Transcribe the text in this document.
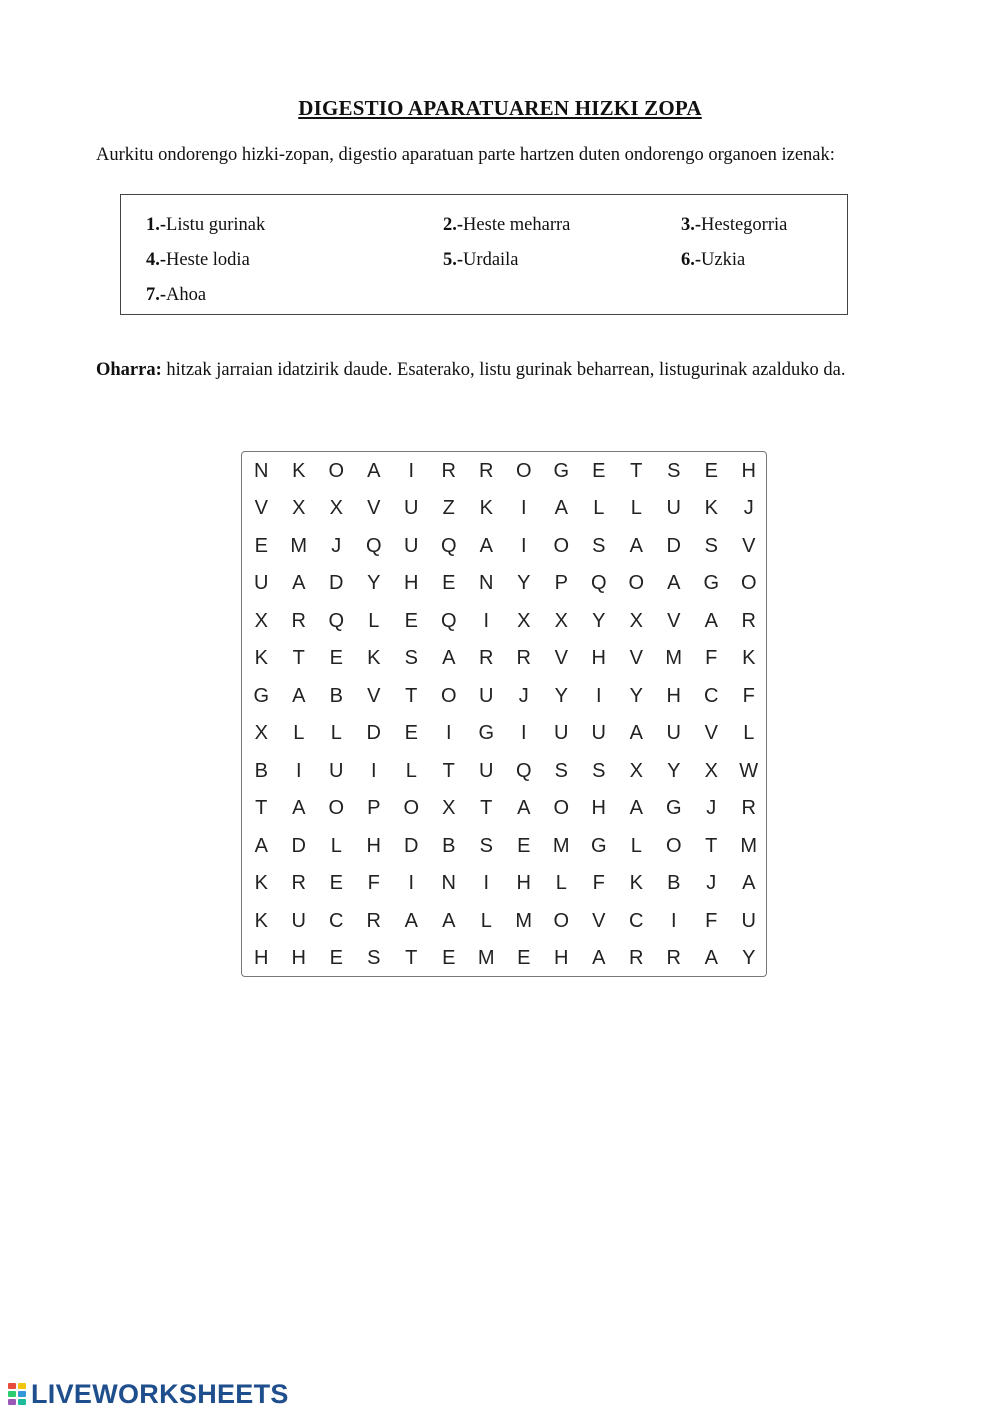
DIGESTIO APARATUAREN HIZKI ZOPA
Aurkitu ondorengo hizki-zopan, digestio aparatuan parte hartzen duten ondorengo organoen izenak:
1.-Listu gurinak	2.-Heste meharra	3.-Hestegorria
4.-Heste lodia	5.-Urdaila	6.-Uzkia
7.-Ahoa
Oharra: hitzak jarraian idatzirik daude. Esaterako, listu gurinak beharrean, listugurinak azalduko da.
N	K	O	A	I	R	R	O	G	E	T	S	E	H
V	X	X	V	U	Z	K	I	A	L	L	U	K	J
E	M	J	Q	U	Q	A	I	O	S	A	D	S	V
U	A	D	Y	H	E	N	Y	P	Q	O	A	G	O
X	R	Q	L	E	Q	I	X	X	Y	X	V	A	R
K	T	E	K	S	A	R	R	V	H	V	M	F	K
G	A	B	V	T	O	U	J	Y	I	Y	H	C	F
X	L	L	D	E	I	G	I	U	U	A	U	V	L
B	I	U	I	L	T	U	Q	S	S	X	Y	X	W
T	A	O	P	O	X	T	A	O	H	A	G	J	R
A	D	L	H	D	B	S	E	M	G	L	O	T	M
K	R	E	F	I	N	I	H	L	F	K	B	J	A
K	U	C	R	A	A	L	M	O	V	C	I	F	U
H	H	E	S	T	E	M	E	H	A	R	R	A	Y
LIVEWORKSHEETS
